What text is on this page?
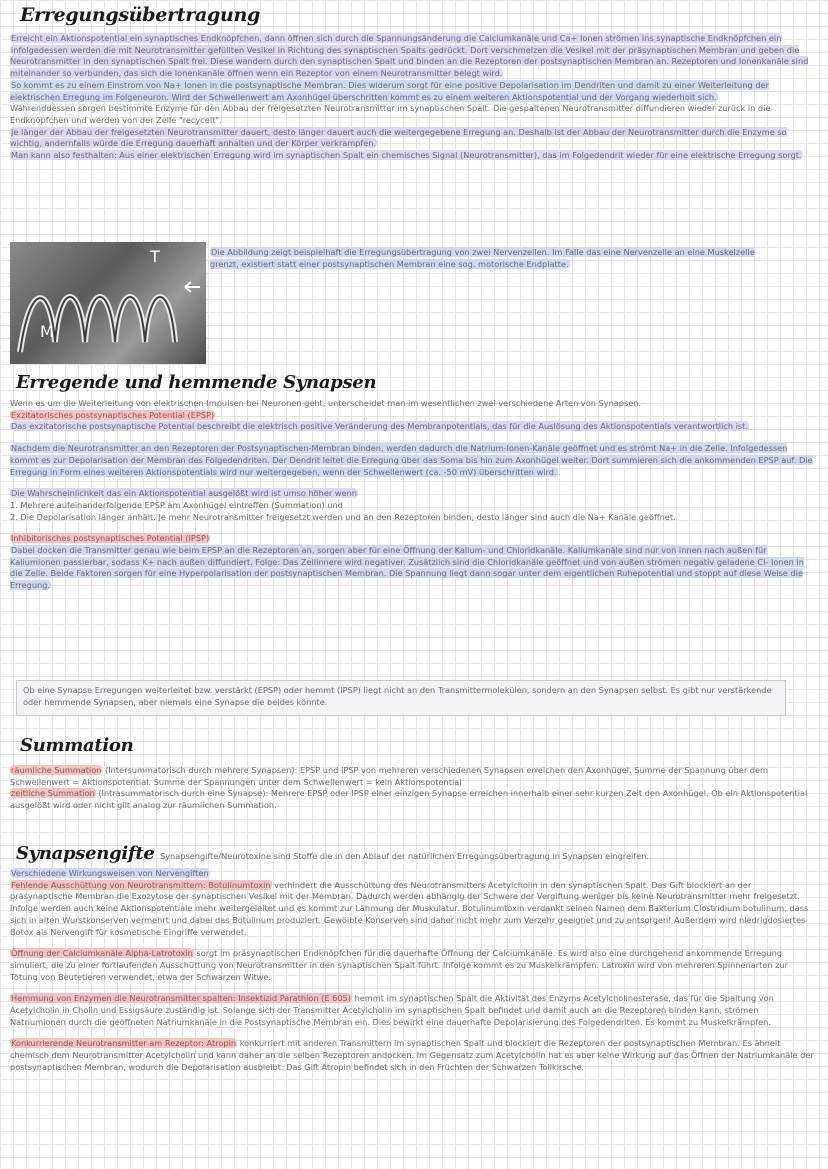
Erregungsübertragung

Erreicht ein Aktionspotential ein synaptisches Endknöpfchen, dann öffnen sich durch die Spannungsänderung die Calciumkanäle und Ca+ Ionen strömen ins synaptische Endknöpfchen ein

infolgedessen werden die mit Neurotransmitter gefüllten Vesikel in Richtung des synaptischen Spalts gedrückt. Dort verschmelzen die Vesikel mit der präsynaptischen Membran und geben die Neurotransmitter in den synaptischen Spalt frei. Diese wandern durch den synaptischen Spalt und binden an die Rezeptoren der postsynaptischen Membran an. Rezeptoren und Ionenkanäle sind miteinander so verbunden, das sich die Ionenkanäle öffnen wenn ein Rezeptor von einem Neurotransmitter belegt wird.

So kommt es zu einem Einstrom von Na+ Ionen in die postsynaptische Membran. Dies widerum sorgt für eine positive Depolarisation im Dendriten und damit zu einer Weiterleitung der elektrischen Erregung im Folgeneuron. Wird der Schwellenwert am Axonhügel überschritten kommt es zu einem weiteren Aktionspotential und der Vorgang wiederholt sich.

Währenddessen sorgen bestimmte Enzyme für den Abbau der freigesetzten Neurotransmitter im synaptischen Spalt. Die gespaltenen Neurotransmitter diffundieren wieder zurück in die Endknöpfchen und werden von der Zelle "recycelt".

Je länger der Abbau der freigesetzten Neurotransmitter dauert, desto länger dauert auch die weitergegebene Erregung an. Deshalb ist der Abbau der Neurotransmitter durch die Enzyme so wichtig, andernfalls würde die Erregung dauerhaft anhalten und der Körper verkrampfen.

Man kann also festhalten: Aus einer elektrischen Erregung wird im synaptischen Spalt ein chemisches Signal (Neurotransmitter), das im Folgedendrit wieder für eine elektrische Erregung sorgt.

T
M
Die Abbildung zeigt beispielhaft die Erregungsübertragung von zwei Nervenzellen. Im Falle das eine Nervenzelle an eine Muskelzelle grenzt, existiert statt einer postsynaptischen Membran eine sog. motorische Endplatte.
Erregende und hemmende Synapsen

Wenn es um die Weiterleitung von elektrischen Impulsen bei Neuronen geht, unterscheidet man im wesentlichen zwei verschiedene Arten von Synapsen.

Exzitatorisches postsynaptisches Potential (EPSP)

Das exzitatorische postsynaptische Potential beschreibt die elektrisch positive Veränderung des Membranpotentials, das für die Auslösung des Aktionspotentials verantwortlich ist.

Nachdem die Neurotransmitter an den Rezeptoren der Postsynaptischen-Membran binden, werden dadurch die Natrium-Ionen-Kanäle geöffnet und es strömt Na+ in die Zelle. Infolgedessen kommt es zur Depolarisation der Membran des Folgedendriten. Der Dendrit leitet die Erregung über das Soma bis hin zum Axonhügel weiter. Dort summieren sich die ankommenden EPSP auf. Die Erregung in Form eines weiteren Aktionspotentials wird nur weitergegeben, wenn der Schwellenwert (ca. -50 mV) überschritten wird.

Die Wahrscheinlichkeit das ein Aktionspotential ausgelößt wird ist umso höher wenn

1. Mehrere aufeinanderfolgende EPSP am Axonhügel eintreffen (Summation) und

2. Die Depolarisation länger anhält. Je mehr Neurotransmitter freigesetzt werden und an den Rezeptoren binden, desto länger sind auch die Na+ Kanäle geöffnet.

Inhibitorisches postsynaptisches Potential (IPSP)

Dabei docken die Transmitter genau wie beim EPSP an die Rezeptoren an, sorgen aber für eine Öffnung der Kalium- und Chloridkanäle. Kaliumkanäle sind nur von innen nach außen für Kaliumionen passierbar, sodass K+ nach außen diffundiert. Folge: Das Zellinnere wird negativer. Zusätzlich sind die Chloridkanäle geöffnet und von außen strömen negativ geladene Cl- Ionen in die Zelle. Beide Faktoren sorgen für eine Hyperpolarisation der postsynaptischen Membran. Die Spannung liegt dann sogar unter dem eigentlichen Ruhepotential und stoppt auf diese Weise die Erregung.

Ob eine Synapse Erregungen weiterleitet bzw. verstärkt (EPSP) oder hemmt (IPSP) liegt nicht an den Transmittermolekülen, sondern an den Synapsen selbst. Es gibt nur verstärkende oder hemmende Synapsen, aber niemals eine Synapse die beides könnte.
Summation

räumliche Summation (Intersummatorisch durch mehrere Synapsen): EPSP und IPSP von mehreren verschiedenen Synapsen erreichen den Axonhügel. Summe der Spannung über dem Schwellenwert = Aktionspotential. Summe der Spannungen unter dem Schwellenwert = kein Aktionspotential

zeitliche Summation (Intrasummatorisch durch eine Synapse): Mehrere EPSP oder IPSP einer einzigen Synapse erreichen innerhalb einer sehr kurzen Zeit den Axonhügel. Ob ein Aktionspotential ausgelößt wird oder nicht gilt analog zur räumlichen Summation.

Synapsengifte Synapsengifte/Neurotoxine sind Stoffe die in den Ablauf der natürlichen Erregungsübertragung in Synapsen eingreifen.

Verschiedene Wirkungsweisen von Nervengiften

Fehlende Ausschüttung von Neurotransmittern: Botulinumtoxin verhindert die Ausschüttung des Neurotransmitters Acetylcholin in den synaptischen Spalt. Das Gift blockiert an der präsynaptische Membran die Exozytose der synaptischen Vesikel mit der Membran. Dadurch werden abhängig der Schwere der Vergiftung weniger bis keine Neurotransmitter mehr freigesetzt. Infolge werden auch keine Aktionspotentiale mehr weitergeleitet und es kommt zur Lähmung der Muskulatur. Botulinumtoxin verdankt seinen Namen dem Bakterium Clostridium botulinum, dass sich in alten Wurstkonserven vermehrt und dabei das Botulinum produziert. Gewölbte Konserven sind daher nicht mehr zum Verzehr geeignet und zu entsorgen! Außerdem wird niedrigdosiertes Botox als Nervengift für kosmetische Eingriffe verwendet.

Öffnung der Calciumkanäle Alpha-Latrotoxin sorgt im präsynaptischen Endknöpfchen für die dauerhafte Öffnung der Calciumkanäle. Es wird also eine durchgehend ankommende Erregung simuliert, die zu einer fortlaufenden Ausschüttung von Neurotransmitter in den synaptischen Spalt führt. Infolge kommt es zu Muskelkrämpfen. Latroxin wird von mehreren Spinnenarten zur Tötung von Beutetieren verwendet, etwa der Schwarzen Witwe.

Hemmung von Enzymen die Neurotransmitter spalten: Insektizid Parathion (E 605) hemmt im synaptischen Spalt die Aktivität des Enzyms Acetylcholinesterase, das für die Spaltung von Acetylcholin in Cholin und Essigsäure zuständig ist. Solange sich der Transmitter Acetylcholin im synaptischen Spalt befindet und damit auch an die Rezeptoren binden kann, strömen Natriumionen durch die geöffneten Natriumkanäle in die Postsynaptische Membran ein. Dies bewirkt eine dauerhafte Depolarisierung des Folgedendriten. Es kommt zu Muskelkrämpfen.

Konkurrierende Neurotransmitter am Rezeptor: Atropin konkurriert mit anderen Transmittern im synaptischen Spalt und blockiert die Rezeptoren der postsynaptischen Membran. Es ähnelt chemisch dem Neurotransmitter Acetylcholin und kann daher an die selben Rezeptoren andocken. Im Gegensatz zum Acetylcholin hat es aber keine Wirkung auf das Öffnen der Natriumkanäle der postsynaptischen Membran, wodurch die Depolarisation ausbleibt. Das Gift Atropin befindet sich in den Früchten der Schwarzen Tollkirsche.
